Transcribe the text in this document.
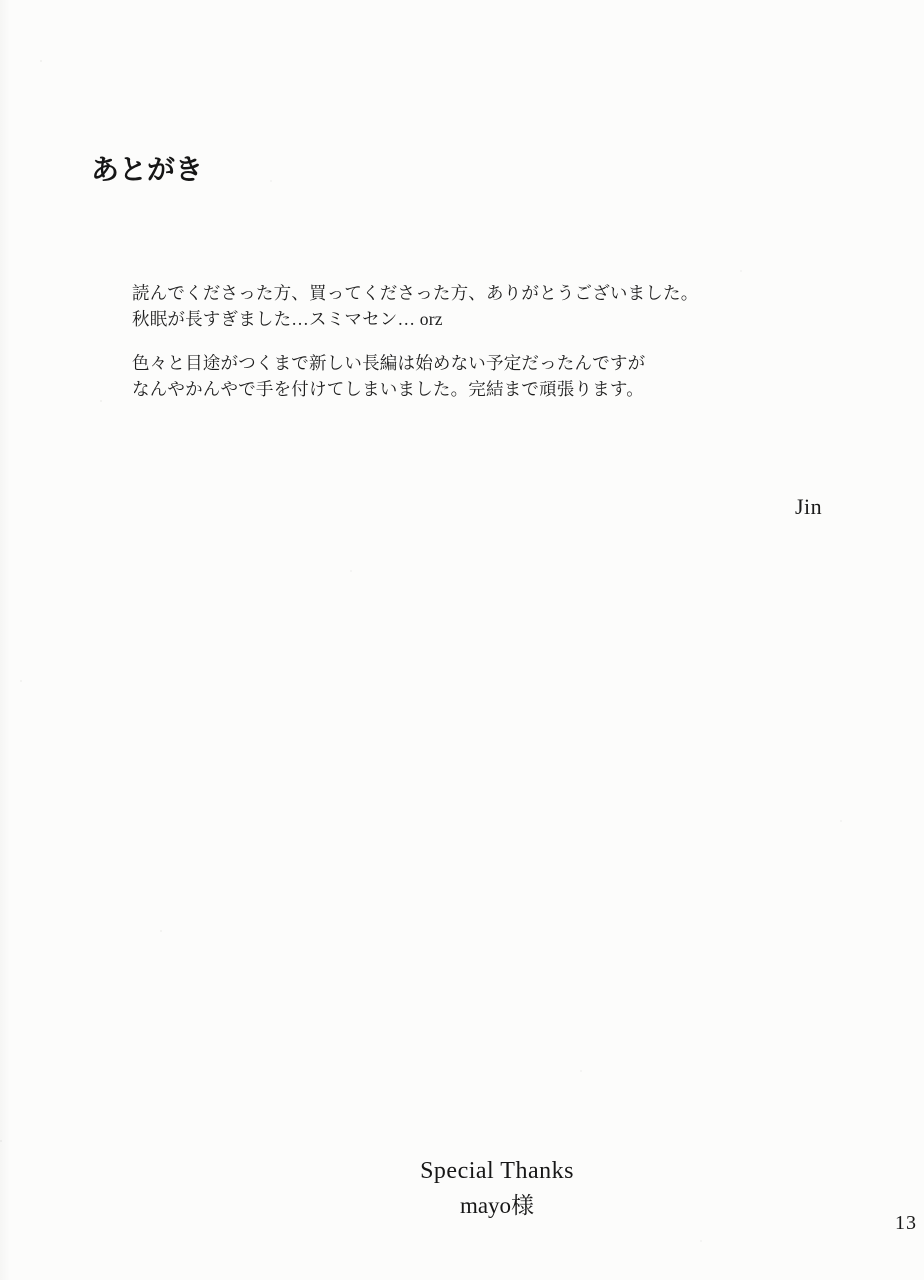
あとがき
読んでくださった方、買ってくださった方、ありがとうございました。
秋眠が長すぎました…スミマセン… orz
色々と目途がつくまで新しい長編は始めない予定だったんですが
なんやかんやで手を付けてしまいました。完結まで頑張ります。
Jin
Special Thanks
mayo様
13
